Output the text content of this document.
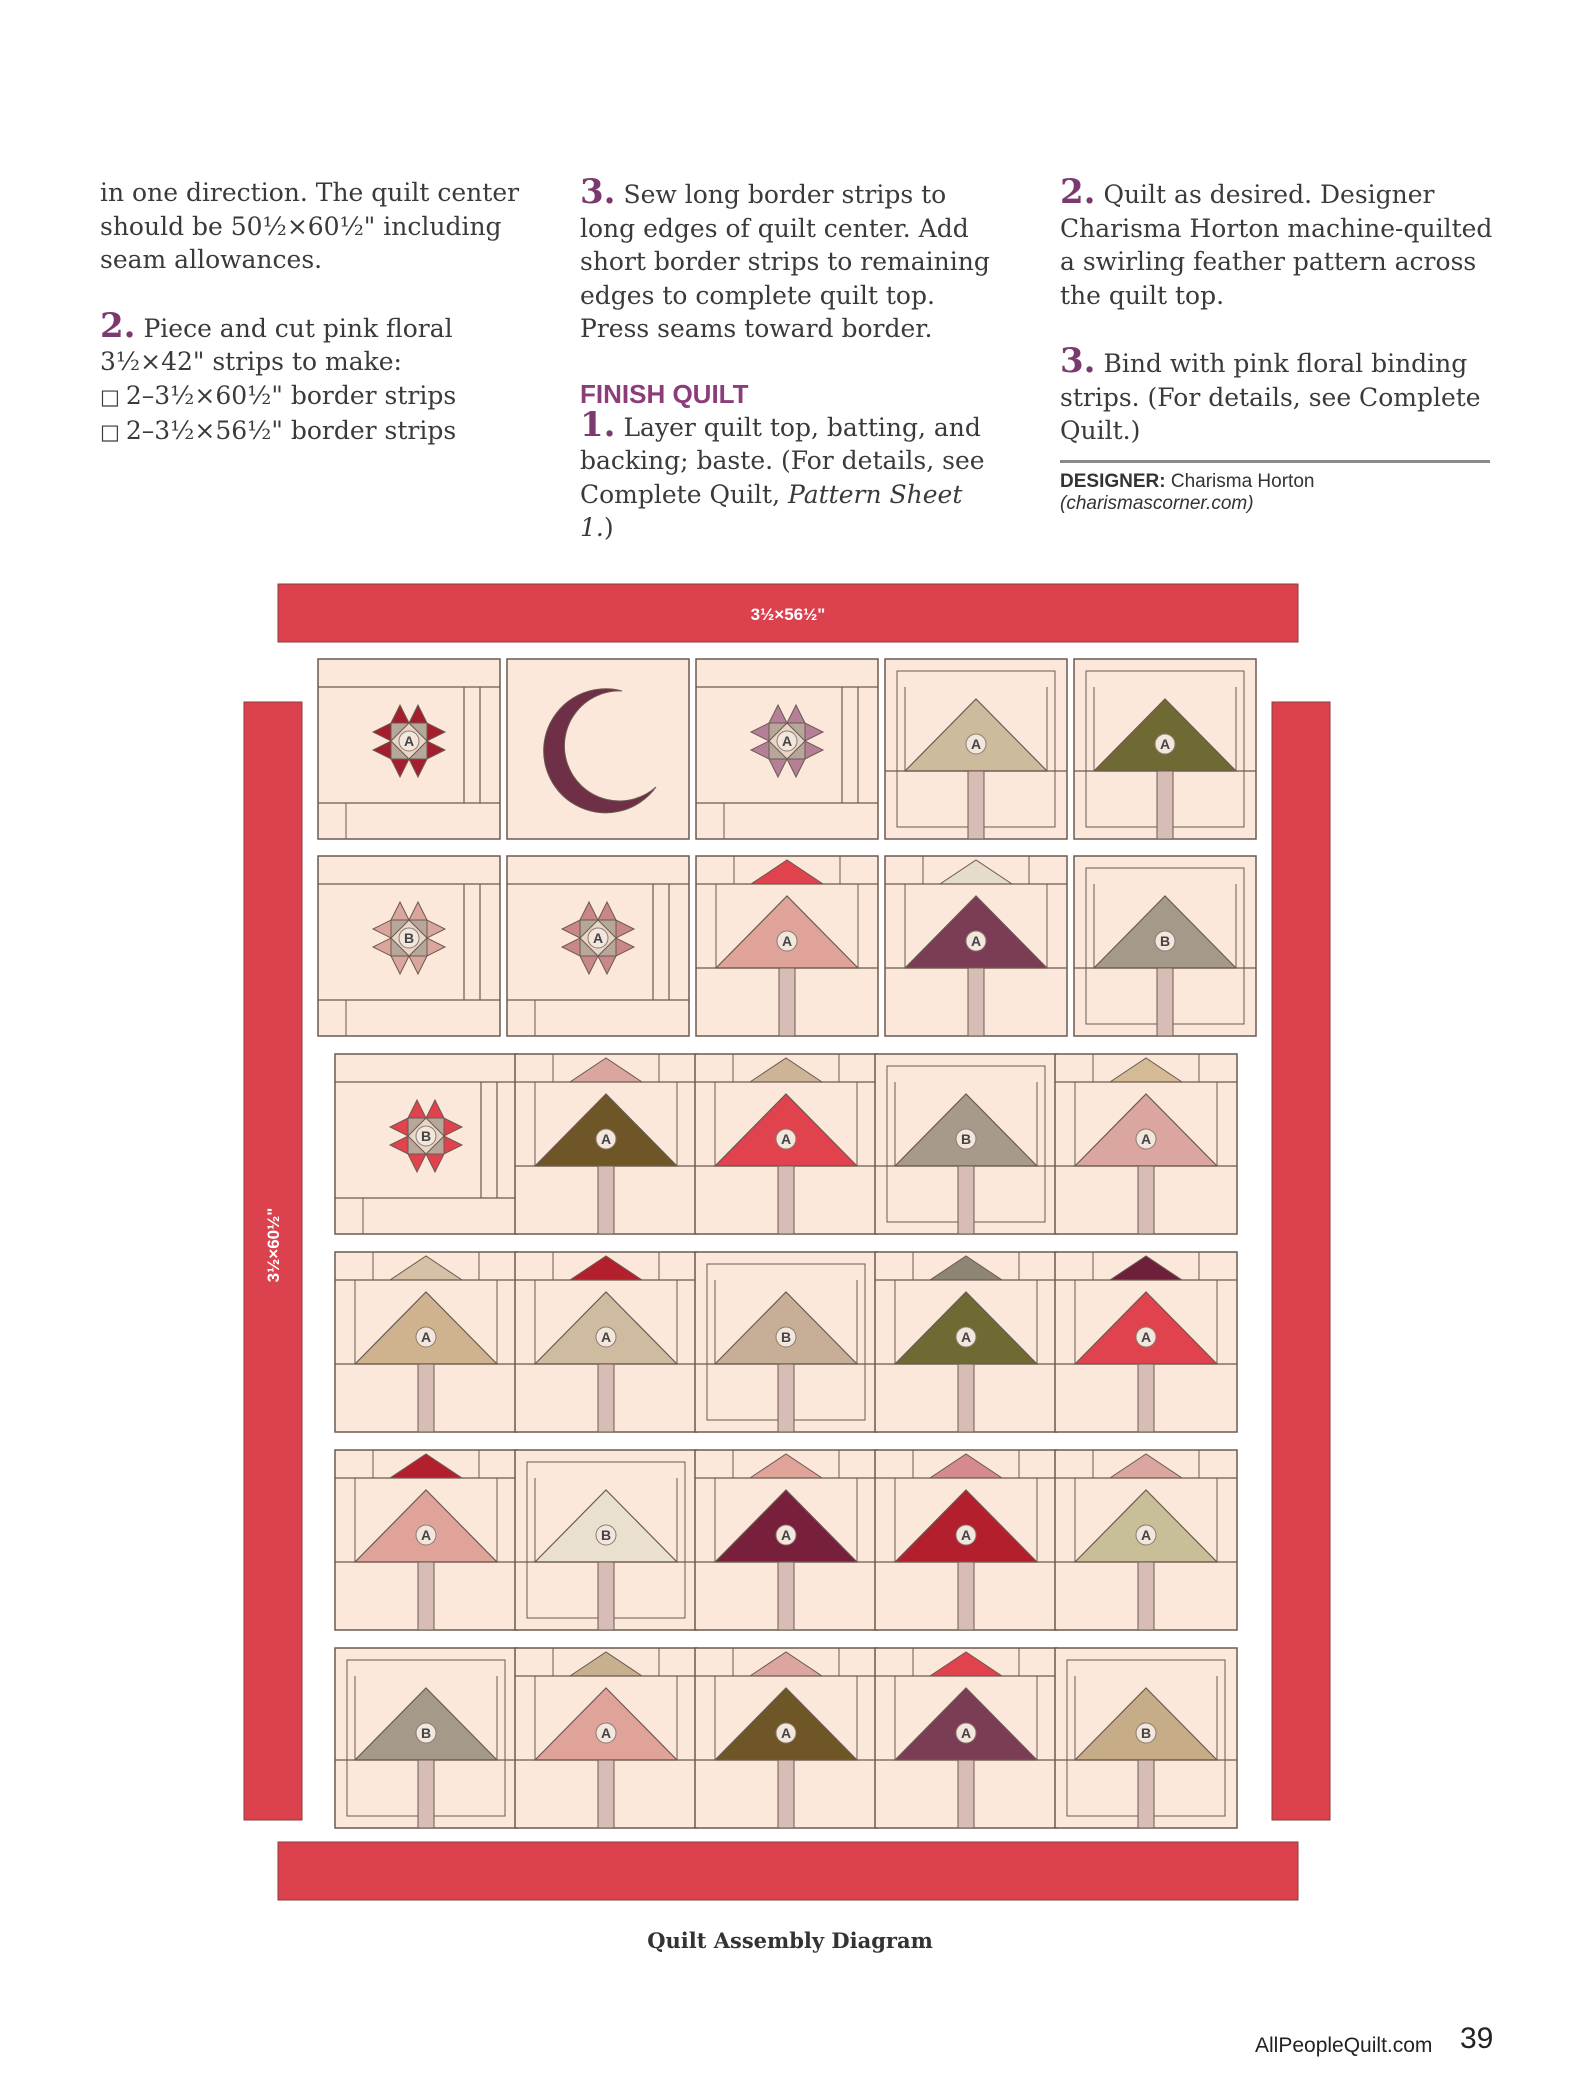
in one direction. The quilt center should be 50½×60½" including seam allowances.

2. Piece and cut pink floral 3½×42" strips to make:

□ 2–3½×60½" border strips
□ 2–3½×56½" border strips

3. Sew long border strips to long edges of quilt center. Add short border strips to remaining edges to complete quilt top. Press seams toward border.

FINISH QUILT

1. Layer quilt top, batting, and backing; baste. (For details, see Complete Quilt, Pattern Sheet 1.)

2. Quilt as desired. Designer Charisma Horton machine-quilted a swirling feather pattern across the quilt top.

3. Bind with pink floral binding strips. (For details, see Complete Quilt.)

DESIGNER: Charisma Horton
(charismascorner.com)
3½×56½"
3½×60½"
A	A	A	A
B	A	A	A	B
B	A	A	B	A
A	A	B	A	A
A	B	A	A	A
B	A	A	A	B
Quilt Assembly Diagram
AllPeopleQuilt.com 39
